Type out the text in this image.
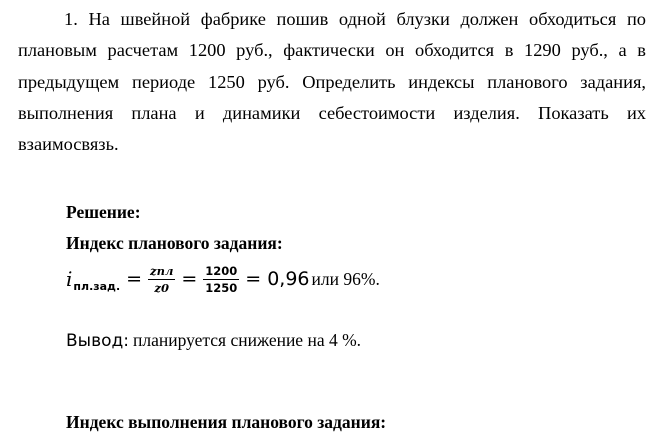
1. На швейной фабрике пошив одной блузки должен обходиться по плановым расчетам 1200 руб., фактически он обходится в 1290 руб., а в предыдущем периоде 1250 руб. Определить индексы планового задания, выполнения плана и динамики себестоимости изделия. Показать их взаимосвязь.

Решение:
Индекс планового задания:
i пл.зад. = $\frac{\text{zпл}}{z0} = \frac{1200}{1250} = 0,96$ или 96%.
Вывод: планируется снижение на 4 %.
Индекс выполнения планового задания:
